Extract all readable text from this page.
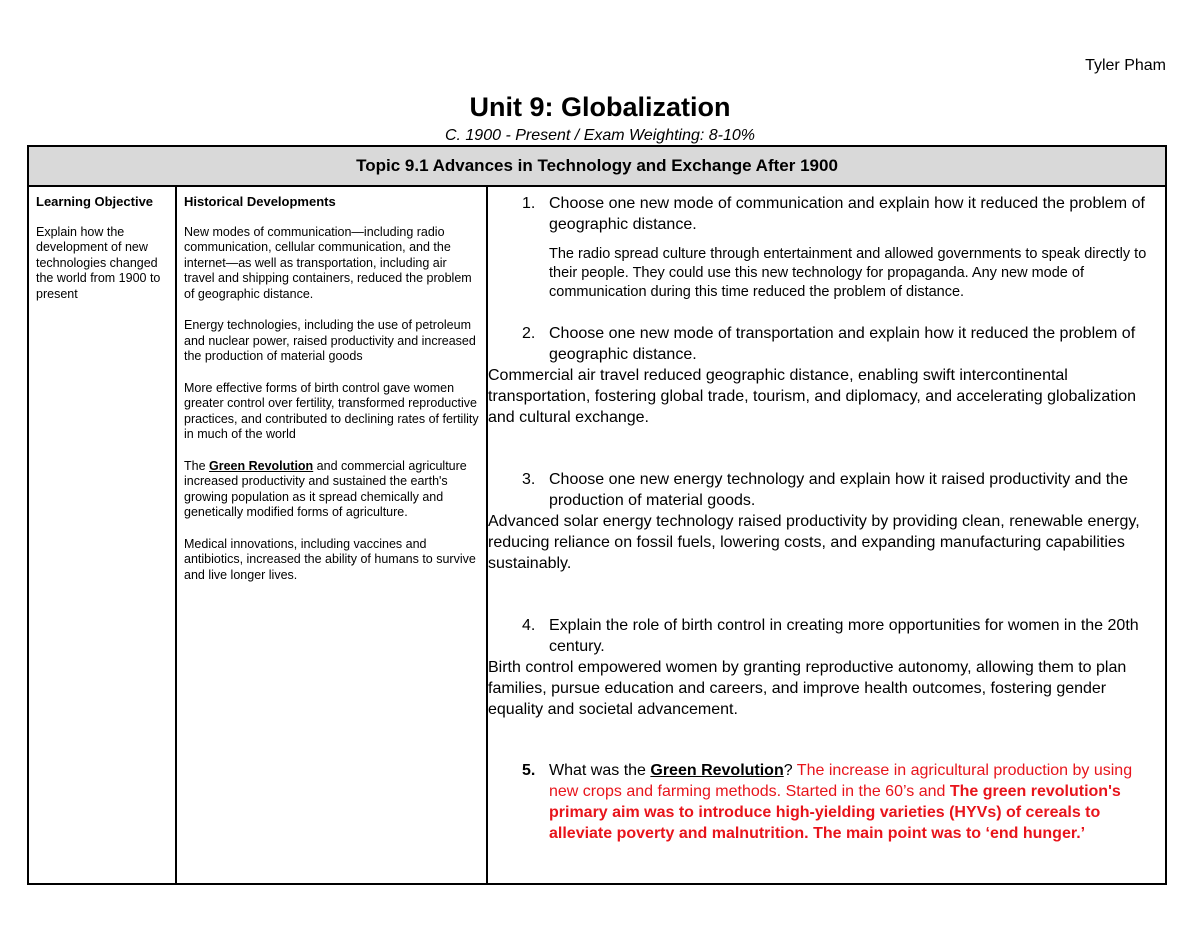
Tyler Pham
Unit 9: Globalization
C. 1900 - Present / Exam Weighting: 8-10%
Topic 9.1 Advances in Technology and Exchange After 1900
Learning Objective
Explain how the development of new technologies changed the world from 1900 to present
Historical Developments
New modes of communication—including radio communication, cellular communication, and the internet—as well as transportation, including air travel and shipping containers, reduced the problem of geographic distance.
Energy technologies, including the use of petroleum and nuclear power, raised productivity and increased the production of material goods
More effective forms of birth control gave women greater control over fertility, transformed reproductive practices, and contributed to declining rates of fertility in much of the world
The Green Revolution and commercial agriculture increased productivity and sustained the earth's growing population as it spread chemically and genetically modified forms of agriculture.
Medical innovations, including vaccines and antibiotics, increased the ability of humans to survive and live longer lives.
1. Choose one new mode of communication and explain how it reduced the problem of geographic distance.
The radio spread culture through entertainment and allowed governments to speak directly to their people. They could use this new technology for propaganda. Any new mode of communication during this time reduced the problem of distance.
2. Choose one new mode of transportation and explain how it reduced the problem of geographic distance.
Commercial air travel reduced geographic distance, enabling swift intercontinental transportation, fostering global trade, tourism, and diplomacy, and accelerating globalization and cultural exchange.
3. Choose one new energy technology and explain how it raised productivity and the production of material goods.
Advanced solar energy technology raised productivity by providing clean, renewable energy, reducing reliance on fossil fuels, lowering costs, and expanding manufacturing capabilities sustainably.
4. Explain the role of birth control in creating more opportunities for women in the 20th century.
Birth control empowered women by granting reproductive autonomy, allowing them to plan families, pursue education and careers, and improve health outcomes, fostering gender equality and societal advancement.
5. What was the Green Revolution? The increase in agricultural production by using new crops and farming methods. Started in the 60’s and The green revolution's primary aim was to introduce high-yielding varieties (HYVs) of cereals to alleviate poverty and malnutrition. The main point was to ‘end hunger.’
